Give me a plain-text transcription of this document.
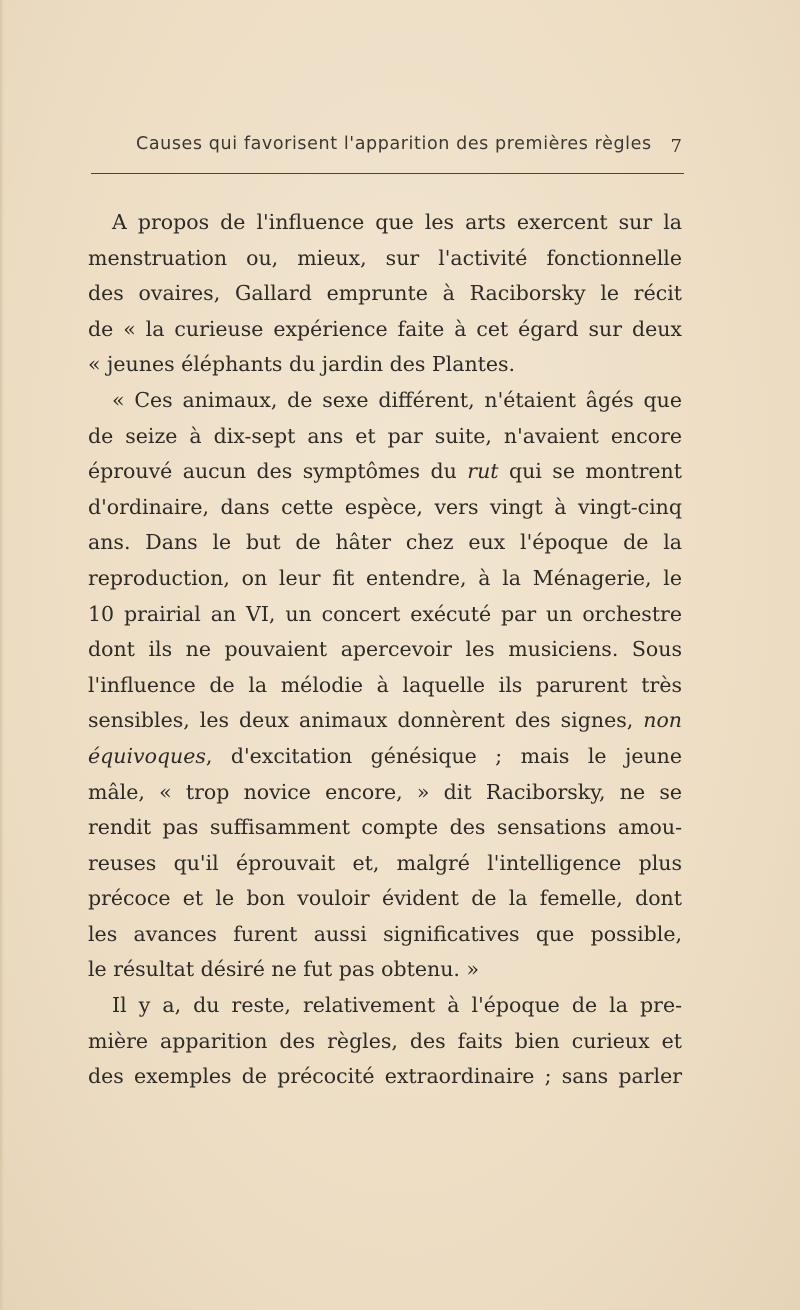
Causes qui favorisent l'apparition des premières règles 7
A propos de l'influence que les arts exercent sur la
menstruation ou, mieux, sur l'activité fonctionnelle
des ovaires, Gallard emprunte à Raciborsky le récit
de « la curieuse expérience faite à cet égard sur deux
« jeunes éléphants du jardin des Plantes.
« Ces animaux, de sexe différent, n'étaient âgés que
de seize à dix-sept ans et par suite, n'avaient encore
éprouvé aucun des symptômes du rut qui se montrent
d'ordinaire, dans cette espèce, vers vingt à vingt-cinq
ans. Dans le but de hâter chez eux l'époque de la
reproduction, on leur fit entendre, à la Ménagerie, le
10 prairial an VI, un concert exécuté par un orchestre
dont ils ne pouvaient apercevoir les musiciens. Sous
l'influence de la mélodie à laquelle ils parurent très
sensibles, les deux animaux donnèrent des signes, non
équivoques, d'excitation génésique ; mais le jeune
mâle, « trop novice encore, » dit Raciborsky, ne se
rendit pas suffisamment compte des sensations amou-
reuses qu'il éprouvait et, malgré l'intelligence plus
précoce et le bon vouloir évident de la femelle, dont
les avances furent aussi significatives que possible,
le résultat désiré ne fut pas obtenu. »
Il y a, du reste, relativement à l'époque de la pre-
mière apparition des règles, des faits bien curieux et
des exemples de précocité extraordinaire ; sans parler
